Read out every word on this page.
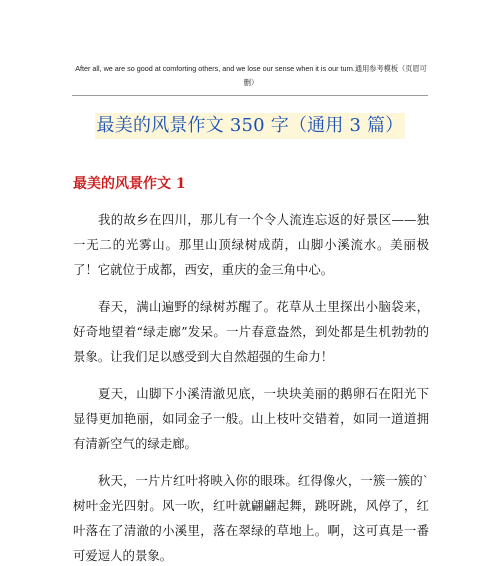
After all, we are so good at comforting others, and we lose our sense when it is our turn.通用参考模板（页眉可删）
最美的风景作文 350 字（通用 3 篇）
最美的风景作文 1

我的故乡在四川，那儿有一个令人流连忘返的好景区——独一无二的光雾山。那里山顶绿树成荫，山脚小溪流水。美丽极了！它就位于成都，西安，重庆的金三角中心。

春天，满山遍野的绿树苏醒了。花草从土里探出小脑袋来，好奇地望着“绿走廊”发呆。一片春意盎然，到处都是生机勃勃的景象。让我们足以感受到大自然超强的生命力！

夏天，山脚下小溪清澈见底，一块块美丽的鹅卵石在阳光下显得更加艳丽，如同金子一般。山上枝叶交错着，如同一道道拥有清新空气的绿走廊。

秋天，一片片红叶将映入你的眼珠。红得像火，一簇一簇的`树叶金光四射。风一吹，红叶就翩翩起舞，跳呀跳，风停了，红叶落在了清澈的小溪里，落在翠绿的草地上。啊，这可真是一番可爱逗人的景象。
